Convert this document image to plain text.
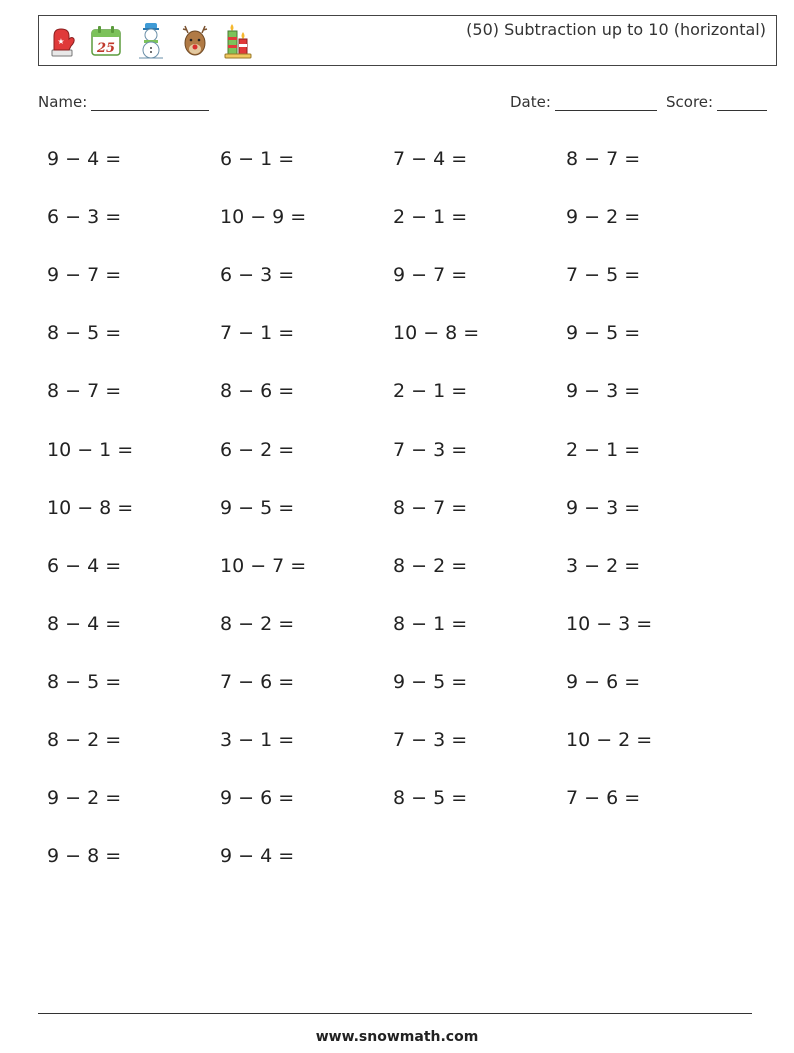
★ 25
(50) Subtraction up to 10 (horizontal)
Name:	Date:	Score:
9 − 4 =	6 − 1 =	7 − 4 =	8 − 7 =
6 − 3 =	10 − 9 =	2 − 1 =	9 − 2 =
9 − 7 =	6 − 3 =	9 − 7 =	7 − 5 =
8 − 5 =	7 − 1 =	10 − 8 =	9 − 5 =
8 − 7 =	8 − 6 =	2 − 1 =	9 − 3 =
10 − 1 =	6 − 2 =	7 − 3 =	2 − 1 =
10 − 8 =	9 − 5 =	8 − 7 =	9 − 3 =
6 − 4 =	10 − 7 =	8 − 2 =	3 − 2 =
8 − 4 =	8 − 2 =	8 − 1 =	10 − 3 =
8 − 5 =	7 − 6 =	9 − 5 =	9 − 6 =
8 − 2 =	3 − 1 =	7 − 3 =	10 − 2 =
9 − 2 =	9 − 6 =	8 − 5 =	7 − 6 =
9 − 8 =	9 − 4 =
www.snowmath.com
